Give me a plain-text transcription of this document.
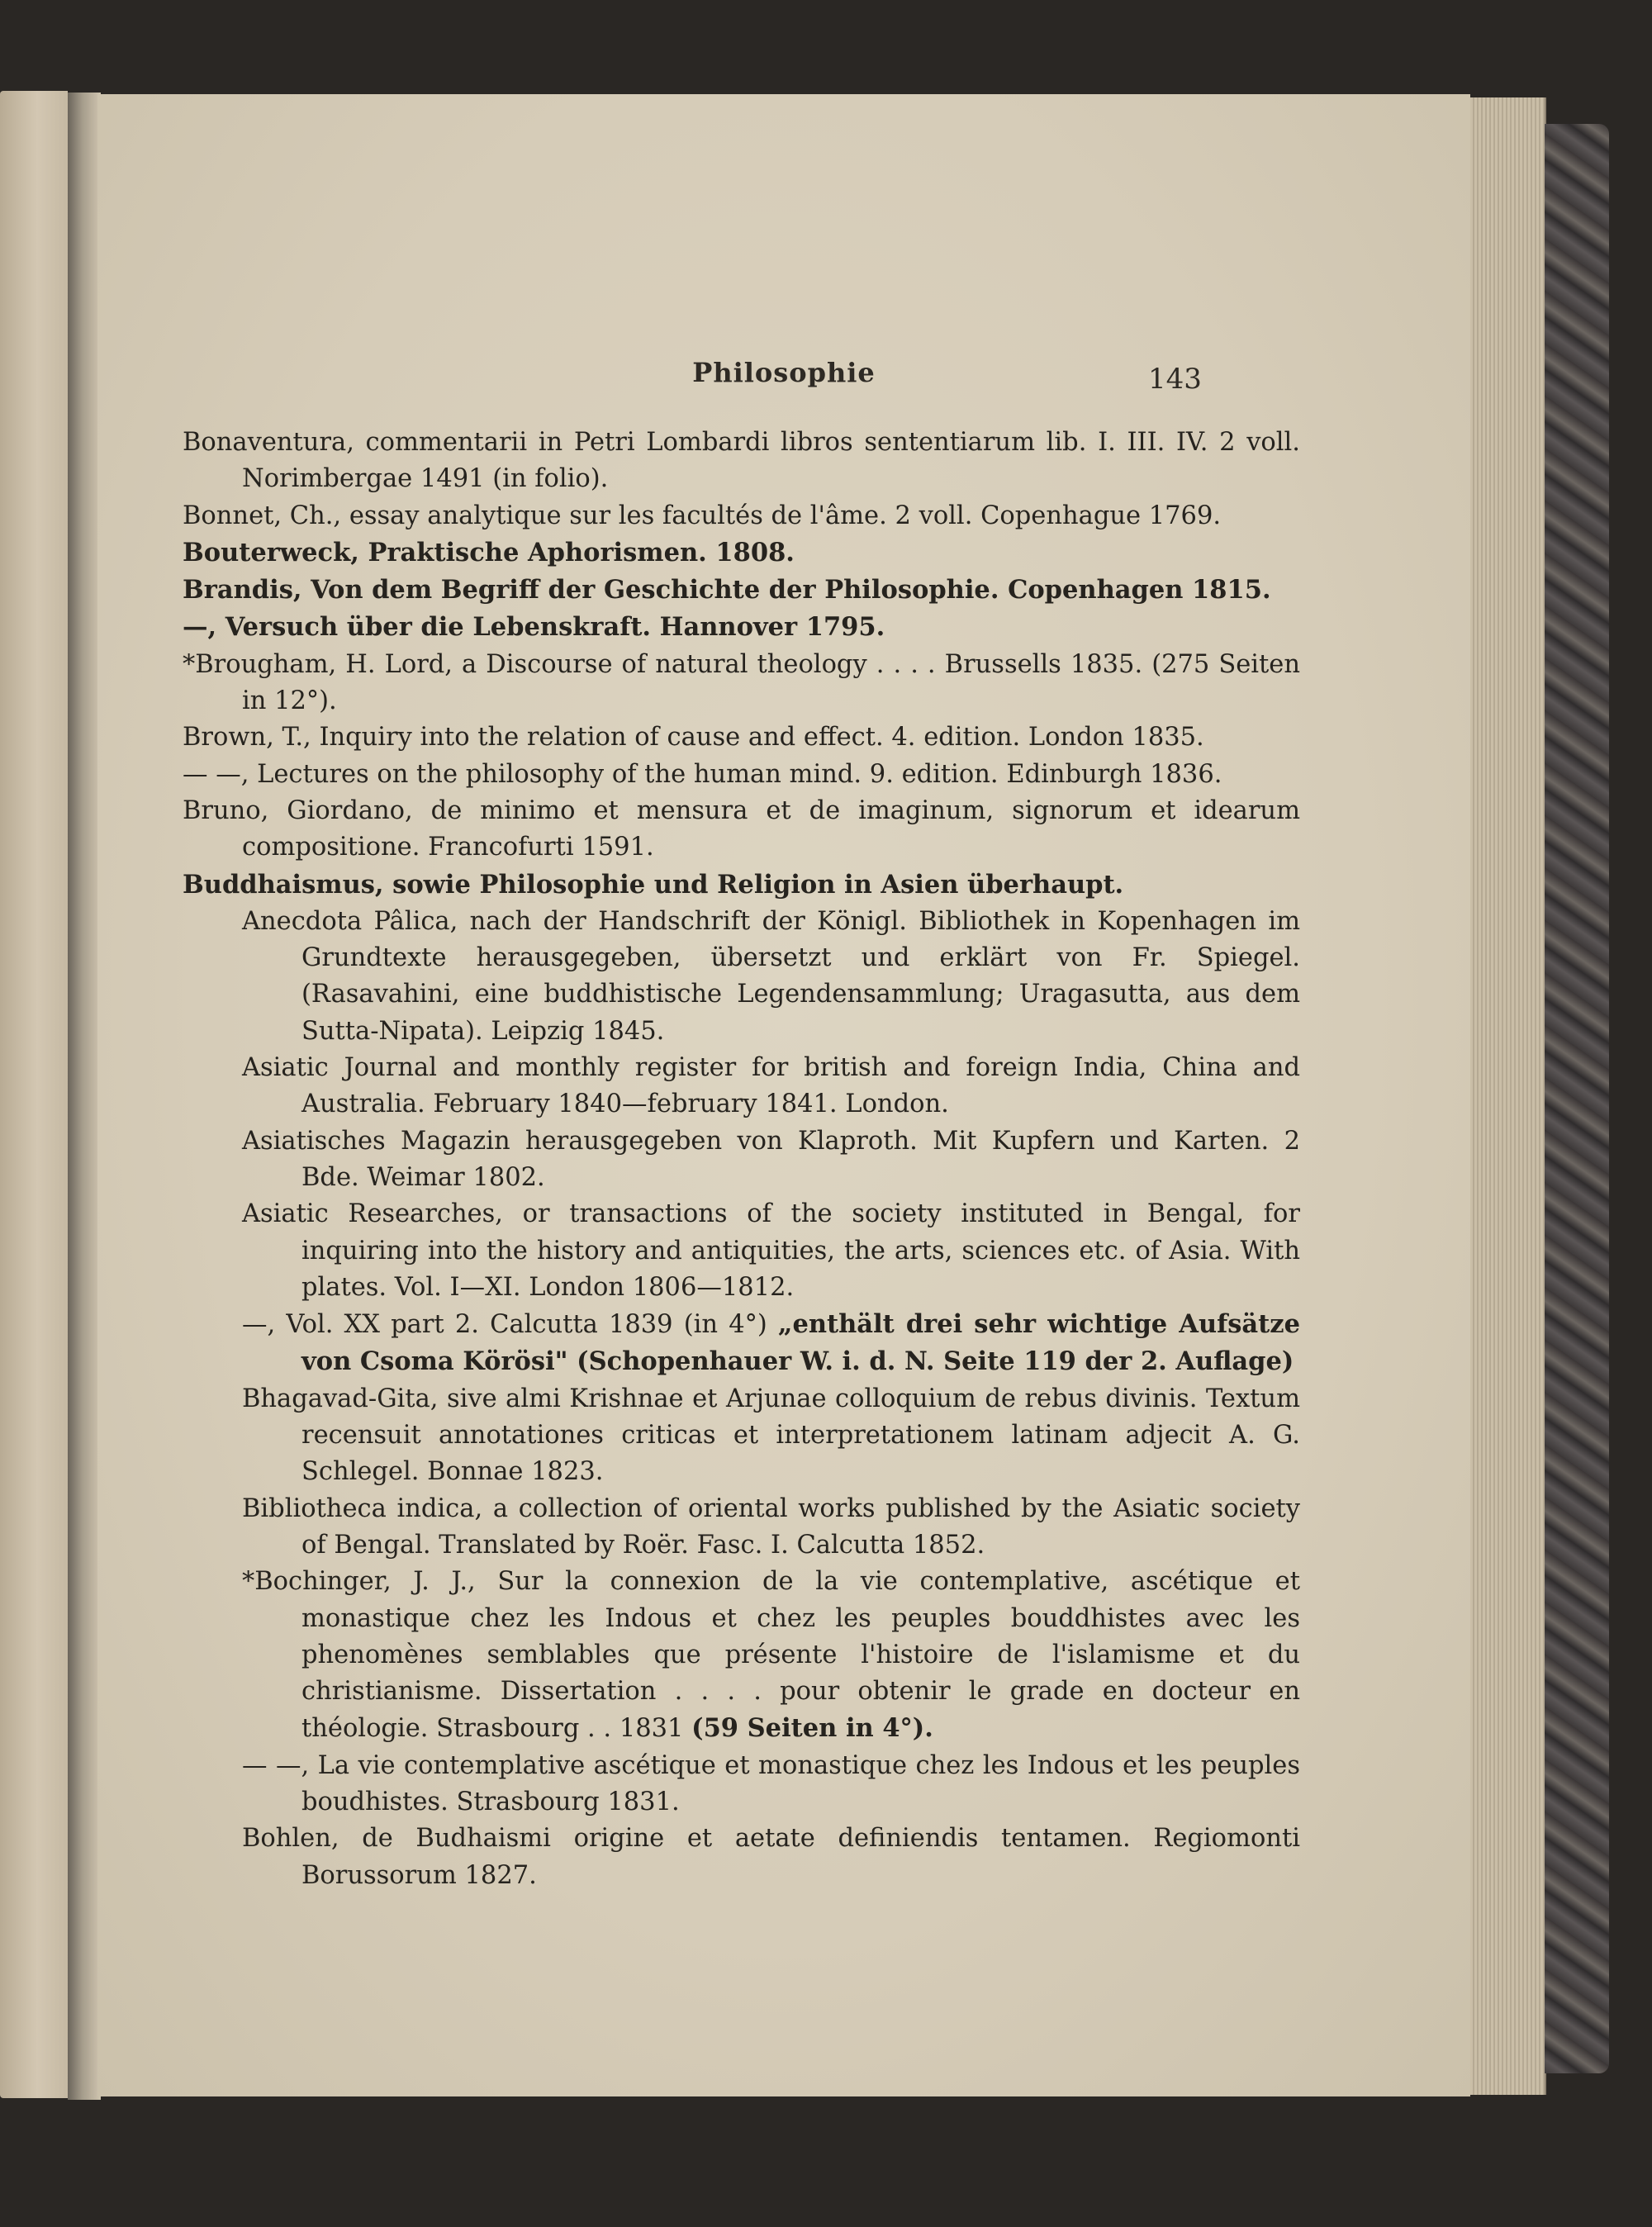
Philosophie	143
Bonaventura, commentarii in Petri Lombardi libros sententiarum lib. I. III. IV. 2 voll. Norimbergae 1491 (in folio).
Bonnet, Ch., essay analytique sur les facultés de l'âme. 2 voll. Copenhague 1769.
Bouterweck, Praktische Aphorismen. 1808.
Brandis, Von dem Begriff der Geschichte der Philosophie. Copenhagen 1815.
—, Versuch über die Lebenskraft. Hannover 1795.
*Brougham, H. Lord, a Discourse of natural theology . . . . Brussells 1835. (275 Seiten in 12°).
Brown, T., Inquiry into the relation of cause and effect. 4. edition. London 1835.
— —, Lectures on the philosophy of the human mind. 9. edition. Edinburgh 1836.
Bruno, Giordano, de minimo et mensura et de imaginum, signorum et idearum compositione. Francofurti 1591.
Buddhaismus, sowie Philosophie und Religion in Asien überhaupt.
Anecdota Pâlica, nach der Handschrift der Königl. Bibliothek in Kopenhagen im Grundtexte herausgegeben, übersetzt und erklärt von Fr. Spiegel. (Rasavahini, eine buddhistische Legendensammlung; Uragasutta, aus dem Sutta-Nipata). Leipzig 1845.
Asiatic Journal and monthly register for british and foreign India, China and Australia. February 1840—february 1841. London.
Asiatisches Magazin herausgegeben von Klaproth. Mit Kupfern und Karten. 2 Bde. Weimar 1802.
Asiatic Researches, or transactions of the society instituted in Bengal, for inquiring into the history and antiquities, the arts, sciences etc. of Asia. With plates. Vol. I—XI. London 1806—1812.
—, Vol. XX part 2. Calcutta 1839 (in 4°) „enthält drei sehr wichtige Aufsätze von Csoma Körösi" (Schopenhauer W. i. d. N. Seite 119 der 2. Auflage)
Bhagavad-Gita, sive almi Krishnae et Arjunae colloquium de rebus divinis. Textum recensuit annotationes criticas et interpretationem latinam adjecit A. G. Schlegel. Bonnae 1823.
Bibliotheca indica, a collection of oriental works published by the Asiatic society of Bengal. Translated by Roër. Fasc. I. Calcutta 1852.
*Bochinger, J. J., Sur la connexion de la vie contemplative, ascétique et monastique chez les Indous et chez les peuples bouddhistes avec les phenomènes semblables que présente l'histoire de l'islamisme et du christianisme. Dissertation . . . . pour obtenir le grade en docteur en théologie. Strasbourg . . 1831 (59 Seiten in 4°).
— —, La vie contemplative ascétique et monastique chez les Indous et les peuples boudhistes. Strasbourg 1831.
Bohlen, de Budhaismi origine et aetate definiendis tentamen. Regiomonti Borussorum 1827.
